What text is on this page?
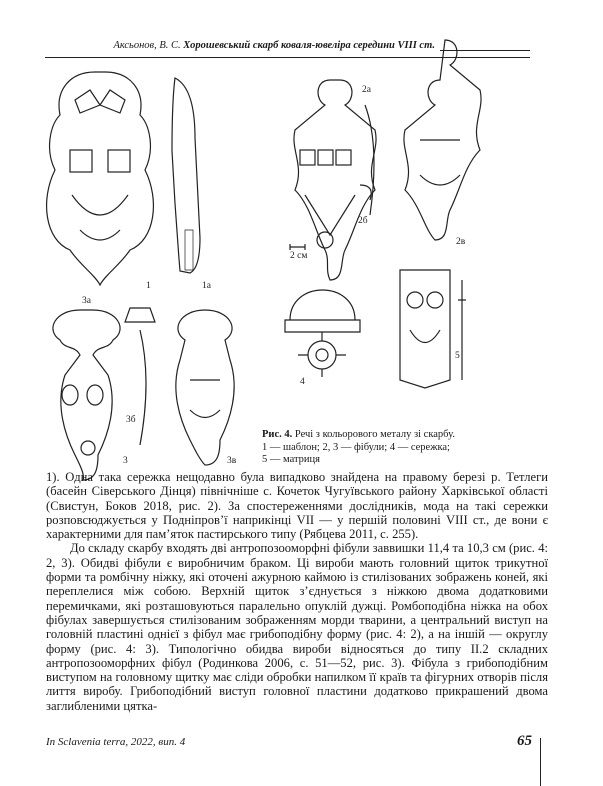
Аксьонов, В. С. Хорошевський скарб коваля-ювеліра середини VIII ст.
1	1а
2а
2б
2в
2 см
3а
3б
3	3в
4
5
Рис. 4. Речі з кольорового металу зі скарбу.
1 — шаблон; 2, 3 — фібули; 4 — сережка;
5 — матриця

1). Одна така сережка нещодавно була випадково знайдена на правому березі р. Тетлеги (басейн Сіверського Дінця) північніше с. Кочеток Чугуївського району Харківської області (Свистун, Боков 2018, рис. 2). За спостереженнями дослідників, мода на такі сережки розповсюджується у Подніпров’ї наприкінці VII — у першій половині VIII ст., де вони є характерними для пам’яток пастирського типу (Рябцева 2011, с. 255).

До складу скарбу входять дві антропозооморфні фібули заввишки 11,4 та 10,3 см (рис. 4: 2, 3). Обидві фібули є виробничим браком. Ці вироби мають головний щиток трикутної форми та ромбічну ніжку, які оточені ажурною каймою із стилізованих зображень коней, які переплелися між собою. Верхній щиток з’єднується з ніжкою двома додатковими перемичками, які розташовуються паралельно опуклій дужці. Ромбоподібна ніжка на обох фібулах завершується стилізованим зображенням морди тварини, а центральний виступ на головній пластині однієї з фібул має грибоподібну форму (рис. 4: 2), а на іншій — округлу форму (рис. 4: 3). Типологічно обидва вироби відносяться до типу II.2 складних антропозооморфних фібул (Родинкова 2006, с. 51—52, рис. 3). Фібула з грибоподібним виступом на головному щитку має сліди обробки напилком її країв та фігурних отворів після лиття виробу. Грибоподібний виступ головної пластини додатково прикрашений двома заглибленими цятка-

In Sclavenia terra, 2022, вип. 4	65
